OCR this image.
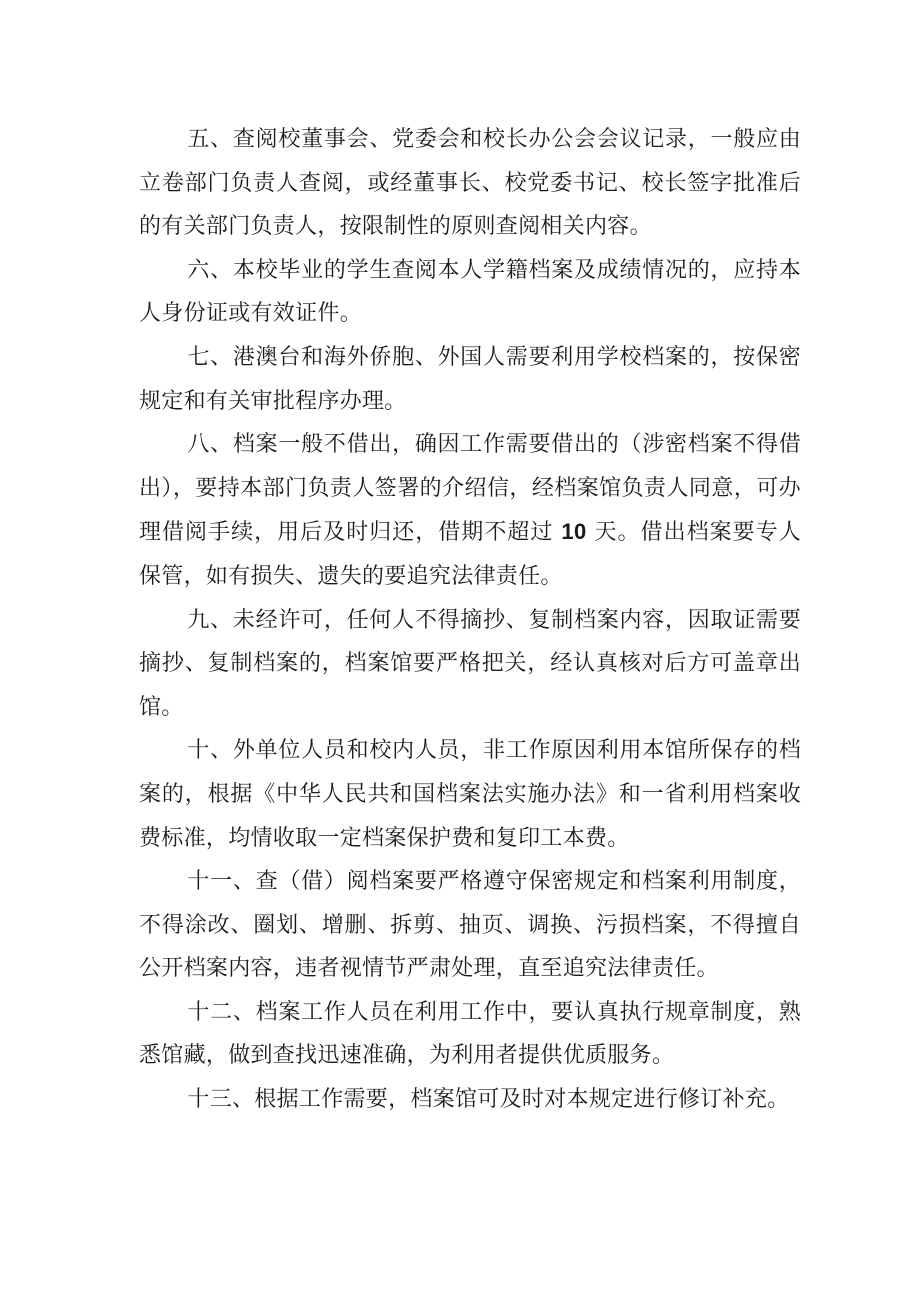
五、查阅校董事会、党委会和校长办公会会议记录，一般应由立卷部门负责人查阅，或经董事长、校党委书记、校长签字批准后的有关部门负责人，按限制性的原则查阅相关内容。

六、本校毕业的学生查阅本人学籍档案及成绩情况的，应持本人身份证或有效证件。

七、港澳台和海外侨胞、外国人需要利用学校档案的，按保密规定和有关审批程序办理。

八、档案一般不借出，确因工作需要借出的（涉密档案不得借出），要持本部门负责人签署的介绍信，经档案馆负责人同意，可办理借阅手续，用后及时归还，借期不超过 10 天。借出档案要专人保管，如有损失、遗失的要追究法律责任。

九、未经许可，任何人不得摘抄、复制档案内容，因取证需要摘抄、复制档案的，档案馆要严格把关，经认真核对后方可盖章出馆。

十、外单位人员和校内人员，非工作原因利用本馆所保存的档案的，根据《中华人民共和国档案法实施办法》和一省利用档案收费标准，均情收取一定档案保护费和复印工本费。

十一、查（借）阅档案要严格遵守保密规定和档案利用制度，不得涂改、圈划、增删、拆剪、抽页、调换、污损档案，不得擅自公开档案内容，违者视情节严肃处理，直至追究法律责任。

十二、档案工作人员在利用工作中，要认真执行规章制度，熟悉馆藏，做到查找迅速准确，为利用者提供优质服务。

十三、根据工作需要，档案馆可及时对本规定进行修订补充。
